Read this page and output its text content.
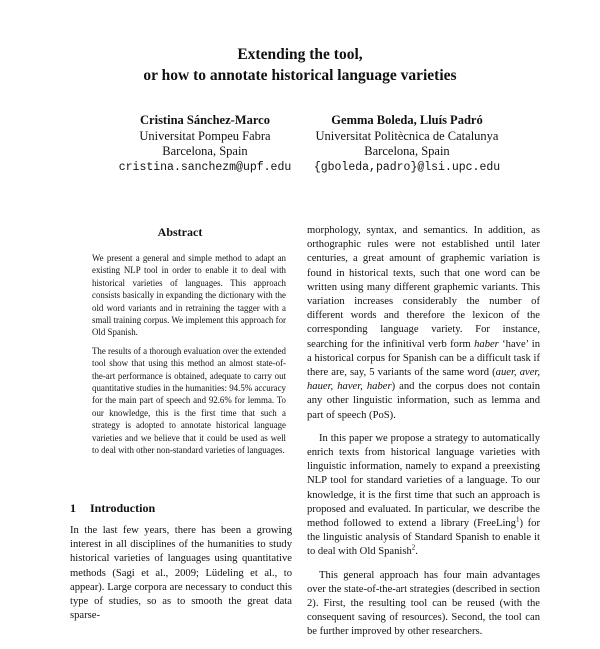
Extending the tool,
or how to annotate historical language varieties
Cristina Sánchez-Marco
Universitat Pompeu Fabra
Barcelona, Spain
cristina.sanchezm@upf.edu
Gemma Boleda, Lluís Padró
Universitat Politècnica de Catalunya
Barcelona, Spain
{gboleda,padro}@lsi.upc.edu
Abstract

We present a general and simple method to adapt an existing NLP tool in order to enable it to deal with historical varieties of languages. This approach consists basically in expanding the dictionary with the old word variants and in retraining the tagger with a small training corpus. We implement this approach for Old Spanish.

The results of a thorough evaluation over the extended tool show that using this method an almost state-of-the-art performance is obtained, adequate to carry out quantitative studies in the humanities: 94.5% accuracy for the main part of speech and 92.6% for lemma. To our knowledge, this is the first time that such a strategy is adopted to annotate historical language varieties and we believe that it could be used as well to deal with other non-standard varieties of languages.

1 Introduction

In the last few years, there has been a growing interest in all disciplines of the humanities to study historical varieties of languages using quantitative methods (Sagi et al., 2009; Lüdeling et al., to appear). Large corpora are necessary to conduct this type of studies, so as to smooth the great data sparse-

morphology, syntax, and semantics. In addition, as orthographic rules were not established until later centuries, a great amount of graphemic variation is found in historical texts, such that one word can be written using many different graphemic variants. This variation increases considerably the number of different words and therefore the lexicon of the corresponding language variety. For instance, searching for the infinitival verb form haber ‘have’ in a historical corpus for Spanish can be a difficult task if there are, say, 5 variants of the same word (auer, aver, hauer, haver, haber) and the corpus does not contain any other linguistic information, such as lemma and part of speech (PoS).

In this paper we propose a strategy to automatically enrich texts from historical language varieties with linguistic information, namely to expand a preexisting NLP tool for standard varieties of a language. To our knowledge, it is the first time that such an approach is proposed and evaluated. In particular, we describe the method followed to extend a library (FreeLing$^1$) for the linguistic analysis of Standard Spanish to enable it to deal with Old Spanish$^2$.

This general approach has four main advantages over the state-of-the-art strategies (described in section 2). First, the resulting tool can be reused (with the consequent saving of resources). Second, the tool can be further improved by other researchers.
